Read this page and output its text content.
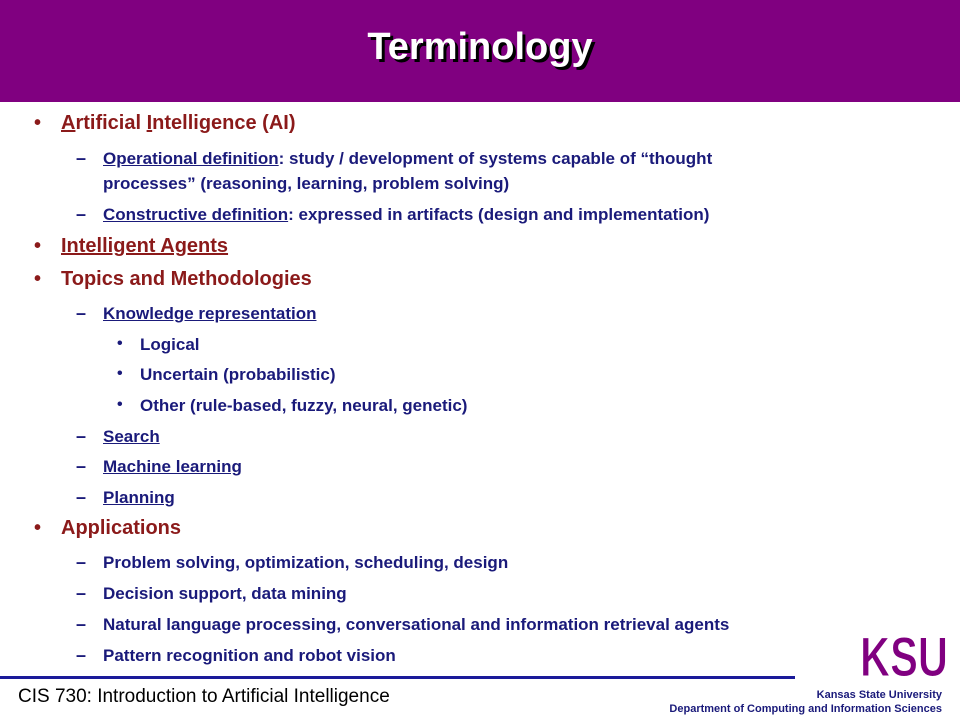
Terminology
• Artificial Intelligence (AI)
– Operational definition: study / development of systems capable of “thought
processes” (reasoning, learning, problem solving)
– Constructive definition: expressed in artifacts (design and implementation)
• Intelligent Agents
• Topics and Methodologies
– Knowledge representation
• Logical
• Uncertain (probabilistic)
• Other (rule-based, fuzzy, neural, genetic)
– Search
– Machine learning
– Planning
• Applications
– Problem solving, optimization, scheduling, design
– Decision support, data mining
– Natural language processing, conversational and information retrieval agents
– Pattern recognition and robot vision	KSU
CIS 730: Introduction to Artificial Intelligence	Kansas State University
Department of Computing and Information Sciences
